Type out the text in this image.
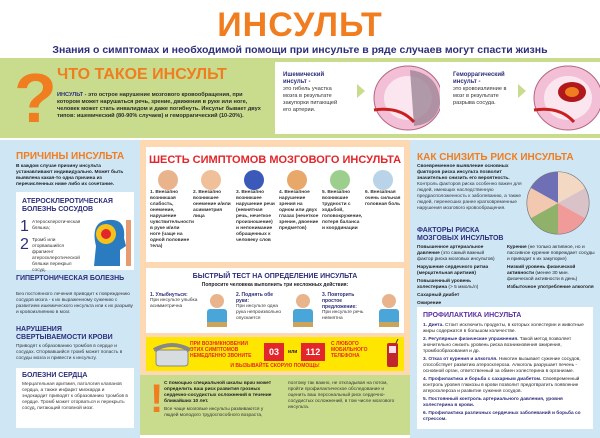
ИНСУЛЬТ
Знания о симптомах и необходимой помощи при инсульте в ряде случаев могут спасти жизнь
? ЧТО ТАКОЕ ИНСУЛЬТ
ИНСУЛЬТ - это острое нарушение мозгового кровообращения, при котором может нарушаться речь, зрение, движения в руке или ноге, человек может стать инвалидом и даже погибнуть. Инсульт бывает двух типов: ишемический (80-90% случаев) и геморрагический (10-20%).
Ишемический инсульт -
это гибель участка мозга в результате закупорки питающей его артерии.
Геморрагический инсульт -
это кровоизлияние в мозг в результате разрыва сосуда.
ПРИЧИНЫ ИНСУЛЬТА
В каждом случае причину инсульта устанавливают индивидуально. Может быть выявлена какая-то одна причина из перечисленных ниже либо их сочетание.
АТЕРОСКЛЕРОТИЧЕСКАЯ БОЛЕЗНЬ СОСУДОВ
1 Атеросклеротическая бляшка;
2 Тромб или оторвавшийся фрагмент атеросклеротической бляшки перекрыл сосуд.
ГИПЕРТОНИЧЕСКАЯ БОЛЕЗНЬ
Без постоянного лечения приводит к повреждению сосудов мозга - к их выраженному сужению с развитием ишемического инсульта или к их разрыву и кровоизлиянию в мозг.
НАРУШЕНИЯ СВЕРТЫВАЕМОСТИ КРОВИ
Приводят к образованию тромбов в сердце и сосудах. Оторвавшийся тромб может попасть в сосуды мозга и привести к инсульту.
БОЛЕЗНИ СЕРДЦА
Мерцательная аритмия, патология клапанов сердца, а также инфаркт миокарда и эндокардит приводят к образованию тромбов в сердце. Тромб может оторваться и перекрыть сосуд, питающий головной мозг.
ШЕСТЬ СИМПТОМОВ МОЗГОВОГО ИНСУЛЬТА
1. Внезапно возникшая слабость, онемение, нарушение чувствительности в руке и/или ноге (чаще на одной половине тела)
2. Внезапно возникшее онемение и/или асимметрия лица
3. Внезапно возникшее нарушение речи (невнятная речь, нечеткое произношение) и непонимание обращенных к человеку слов
4. Внезапное нарушение зрения на одном или двух глазах (нечеткое зрение, двоение предметов)
5. Внезапно возникшие трудности с ходьбой, головокружение, потеря баланса и координации
6. Внезапная очень сильная головная боль
БЫСТРЫЙ ТЕСТ НА ОПРЕДЕЛЕНИЕ ИНСУЛЬТА
Попросите человека выполнить три несложных действия:
1. Улыбнуться:
При инсульте улыбка асимметрична
2. Поднять обе руки:
При инсульте одна рука непроизвольно опускается
3. Повторить простое предложение:
При инсульте речь невнятна
ПРИ ВОЗНИКНОВЕНИИ ЭТИХ СИМПТОМОВ НЕМЕДЛЕННО ЗВОНИТЕ	03	или 112
С ЛЮБОГО МОБИЛЬНОГО ТЕЛЕФОНА
И ВЫЗЫВАЙТЕ СКОРУЮ ПОМОЩЬ!
! С помощью специальной шкалы врач может определить ваш риск развития грозных сердечно-сосудистых осложнений в течение ближайших 10 лет.
Все чаще мозговые инсульты развиваются у людей молодого трудоспособного возраста,
поэтому так важно, не откладывая на потом, пройти профилактическое обследование и оценить ваш персональный риск сердечно-сосудистых осложнений, в том числе мозгового инсульта.
КАК СНИЗИТЬ РИСК ИНСУЛЬТА
Своевременное выявление основных факторов риска инсульта позволит значительно снизить его вероятность.
Контроль факторов риска особенно важен для людей, имеющих наследственную предрасположенность к заболеванию, а также людей, перенесших ранее кратковременные нарушения мозгового кровообращения.
ФАКТОРЫ РИСКА МОЗГОВЫХ ИНСУЛЬТОВ
Повышенное артериальное давление (это самый важный фактор риска мозговых инсультов)
Нарушение сердечного ритма (мерцательная аритмия)
Повышенный уровень холестерина (> 5 ммоль/л)
Сахарный диабет
Ожирение
Курение (не только активное, но и пассивное курение повреждает сосуды и приводит к их закупорке)
Низкий уровень физической активности (менее 30 мин. физической активности в день)
Избыточное употребление алкоголя
ПРОФИЛАКТИКА ИНСУЛЬТА
1. Диета. Стоит исключить продукты, в которых холестерин и животные жиры содержатся в большом количестве.
2. Регулярные физические упражнения. Такой метод позволяет значительно снизить уровень риска возникновения ожирения, тромбообразования и др.
3. Отказ от курения и алкоголя. Никотин вызывает сужение сосудов, способствует развитию атеросклероза. Алкоголь разрушает печень - основной орган, ответственный за обмен холестерина в организме.
4. Профилактика и борьба с сахарным диабетом. Своевременный контроль уровня глюкозы в крови позволит предотвратить появление атеросклероза и развитие сужения сосудов.
5. Постоянный контроль артериального давления, уровня холестерина в крови.
6. Профилактика различных сердечных заболеваний и борьба со стрессом.
